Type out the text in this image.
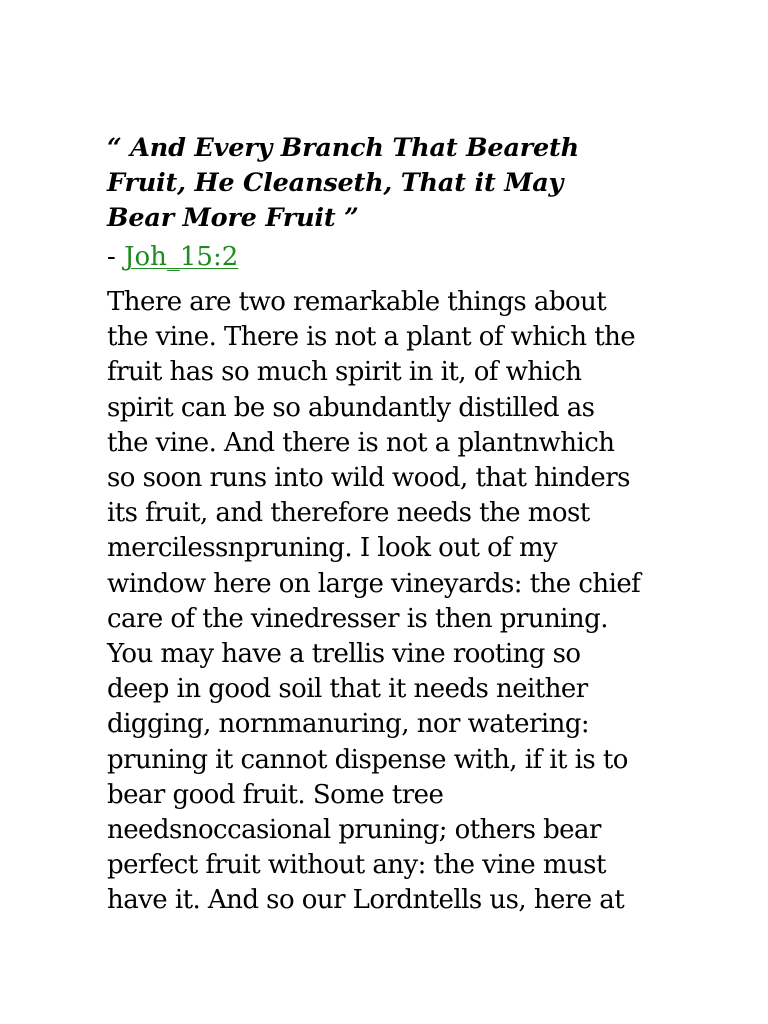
“ And Every Branch That Beareth
Fruit, He Cleanseth, That it May
Bear More Fruit ”
- Joh_15:2
There are two remarkable things about
the vine. There is not a plant of which the
fruit has so much spirit in it, of which
spirit can be so abundantly distilled as
the vine. And there is not a plantnwhich
so soon runs into wild wood, that hinders
its fruit, and therefore needs the most
mercilessnpruning. I look out of my
window here on large vineyards: the chief
care of the vinedresser is then pruning.
You may have a trellis vine rooting so
deep in good soil that it needs neither
digging, nornmanuring, nor watering:
pruning it cannot dispense with, if it is to
bear good fruit. Some tree
needsnoccasional pruning; others bear
perfect fruit without any: the vine must
have it. And so our Lordntells us, here at
